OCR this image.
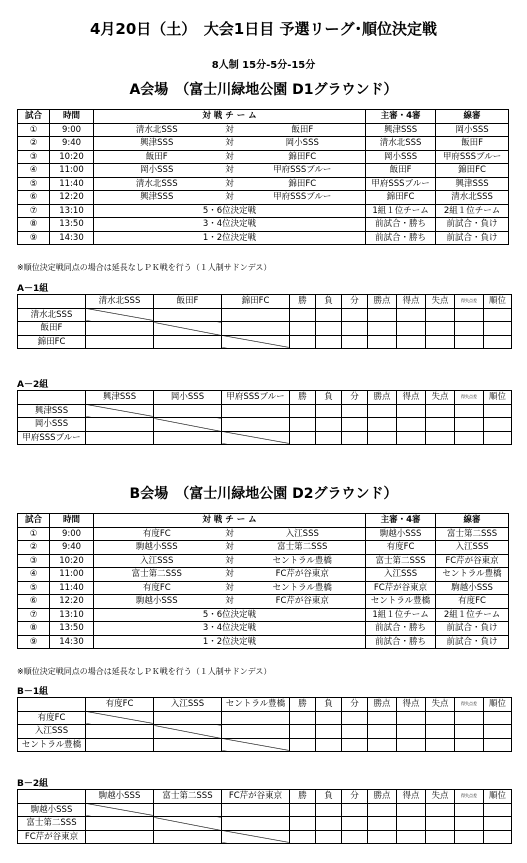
4月20日（土）　大会1日目 予選リーグ･順位決定戦
8人制 15分-5分-15分
A会場　（富士川緑地公園 D1グラウンド）
試合	時間	対 戦 チ ー ム			主審・4審	線審
①	9:00	清水北SSS	対	飯田F	興津SSS	岡小SSS
②	9:40	興津SSS	対	岡小SSS	清水北SSS	飯田F
③	10:20	飯田F	対	錦田FC	岡小SSS	甲府SSSブルー
④	11:00	岡小SSS	対	甲府SSSブルー	飯田F	錦田FC
⑤	11:40	清水北SSS	対	錦田FC	甲府SSSブルー	興津SSS
⑥	12:20	興津SSS	対	甲府SSSブルー	錦田FC	清水北SSS
⑦	13:10	5・6位決定戦			1組１位チーム	2組１位チーム
⑧	13:50	3・4位決定戦			前試合・勝ち	前試合・負け
⑨	14:30	1・2位決定戦			前試合・勝ち	前試合・負け
※順位決定戦同点の場合は延長なしＰＫ戦を行う（１人制サドンデス）
A－1組
	清水北SSS	飯田F	錦田FC	勝	負	分	勝点	得点	失点	得失点差	順位
清水北SSS											
飯田F											
錦田FC											
A－2組
	興津SSS	岡小SSS	甲府SSSブルー	勝	負	分	勝点	得点	失点	得失点差	順位
興津SSS											
岡小SSS											
甲府SSSブルー											
B会場　（富士川緑地公園 D2グラウンド）
試合	時間	対 戦 チ ー ム			主審・4審	線審
①	9:00	有度FC	対	入江SSS	駒越小SSS	富士第二SSS
②	9:40	駒越小SSS	対	富士第二SSS	有度FC	入江SSS
③	10:20	入江SSS	対	セントラル豊橋	富士第二SSS	FC芹が谷東京
④	11:00	富士第二SSS	対	FC芹が谷東京	入江SSS	セントラル豊橋
⑤	11:40	有度FC	対	セントラル豊橋	FC芹が谷東京	駒越小SSS
⑥	12:20	駒越小SSS	対	FC芹が谷東京	セントラル豊橋	有度FC
⑦	13:10	5・6位決定戦			1組１位チーム	2組１位チーム
⑧	13:50	3・4位決定戦			前試合・勝ち	前試合・負け
⑨	14:30	1・2位決定戦			前試合・勝ち	前試合・負け
※順位決定戦同点の場合は延長なしＰＫ戦を行う（１人制サドンデス）
B－1組
	有度FC	入江SSS	セントラル豊橋	勝	負	分	勝点	得点	失点	得失点差	順位
有度FC											
入江SSS											
セントラル豊橋											
B－2組
	駒越小SSS	富士第二SSS	FC芹が谷東京	勝	負	分	勝点	得点	失点	得失点差	順位
駒越小SSS											
富士第二SSS											
FC芹が谷東京											
